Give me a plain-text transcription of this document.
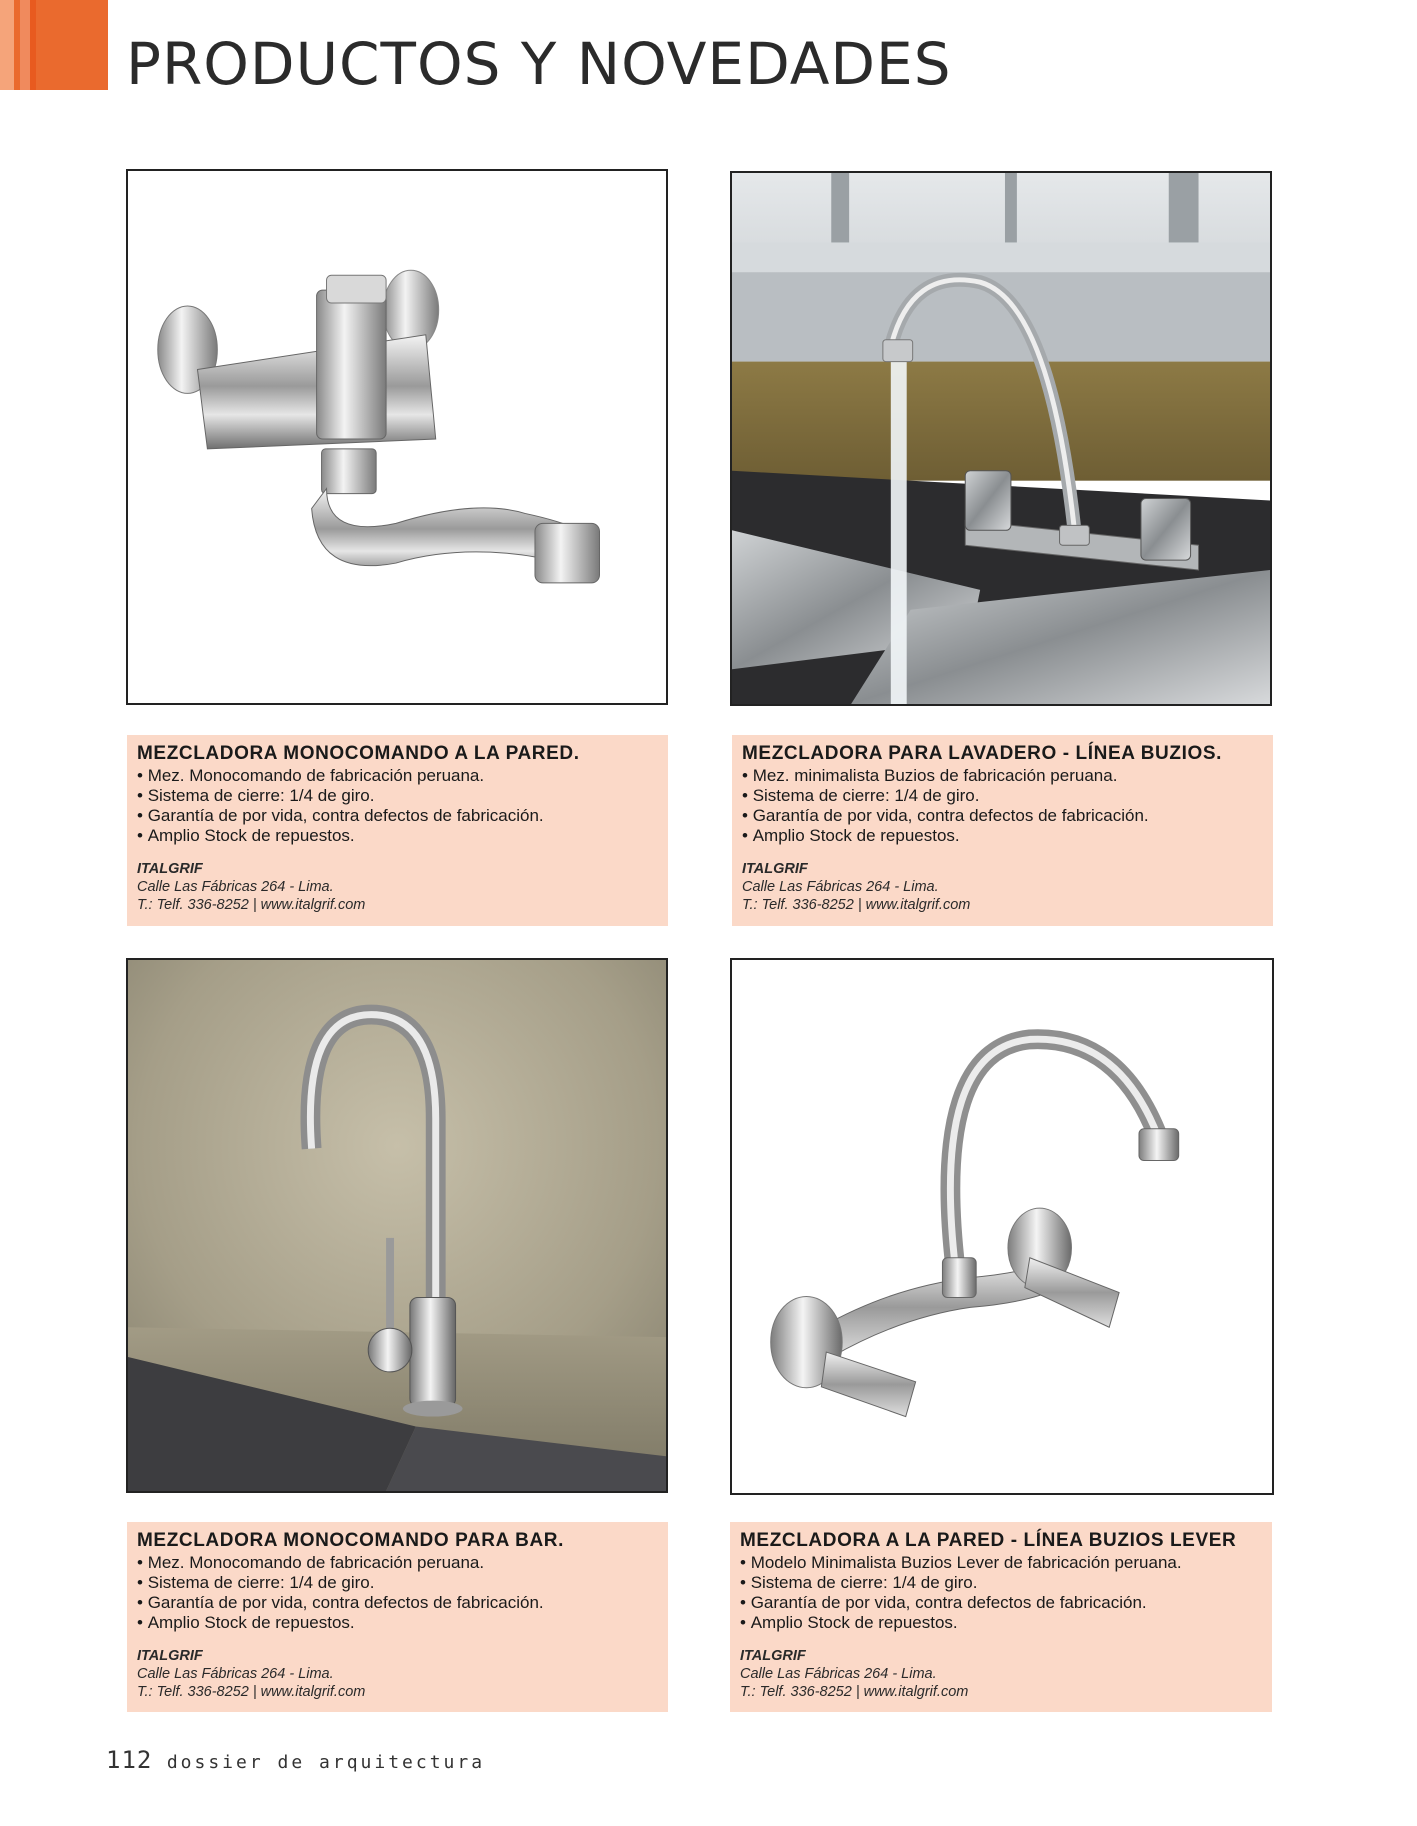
PRODUCTOS Y NOVEDADES
MEZCLADORA MONOCOMANDO A LA PARED.
• Mez. Monocomando de fabricación peruana.
• Sistema de cierre: 1/4 de giro.
• Garantía de por vida, contra defectos de fabricación.
• Amplio Stock de repuestos.

ITALGRIF

Calle Las Fábricas 264 - Lima.

T.: Telf. 336-8252 | www.italgrif.com

MEZCLADORA PARA LAVADERO - LÍNEA BUZIOS.
• Mez. minimalista Buzios de fabricación peruana.
• Sistema de cierre: 1/4 de giro.
• Garantía de por vida, contra defectos de fabricación.
• Amplio Stock de repuestos.

ITALGRIF

Calle Las Fábricas 264 - Lima.

T.: Telf. 336-8252 | www.italgrif.com

MEZCLADORA MONOCOMANDO PARA BAR.
• Mez. Monocomando de fabricación peruana.
• Sistema de cierre: 1/4 de giro.
• Garantía de por vida, contra defectos de fabricación.
• Amplio Stock de repuestos.

ITALGRIF

Calle Las Fábricas 264 - Lima.

T.: Telf. 336-8252 | www.italgrif.com

MEZCLADORA A LA PARED - LÍNEA BUZIOS LEVER
• Modelo Minimalista Buzios Lever de fabricación peruana.
• Sistema de cierre: 1/4 de giro.
• Garantía de por vida, contra defectos de fabricación.
• Amplio Stock de repuestos.

ITALGRIF

Calle Las Fábricas 264 - Lima.

T.: Telf. 336-8252 | www.italgrif.com

112 dossier de arquitectura
